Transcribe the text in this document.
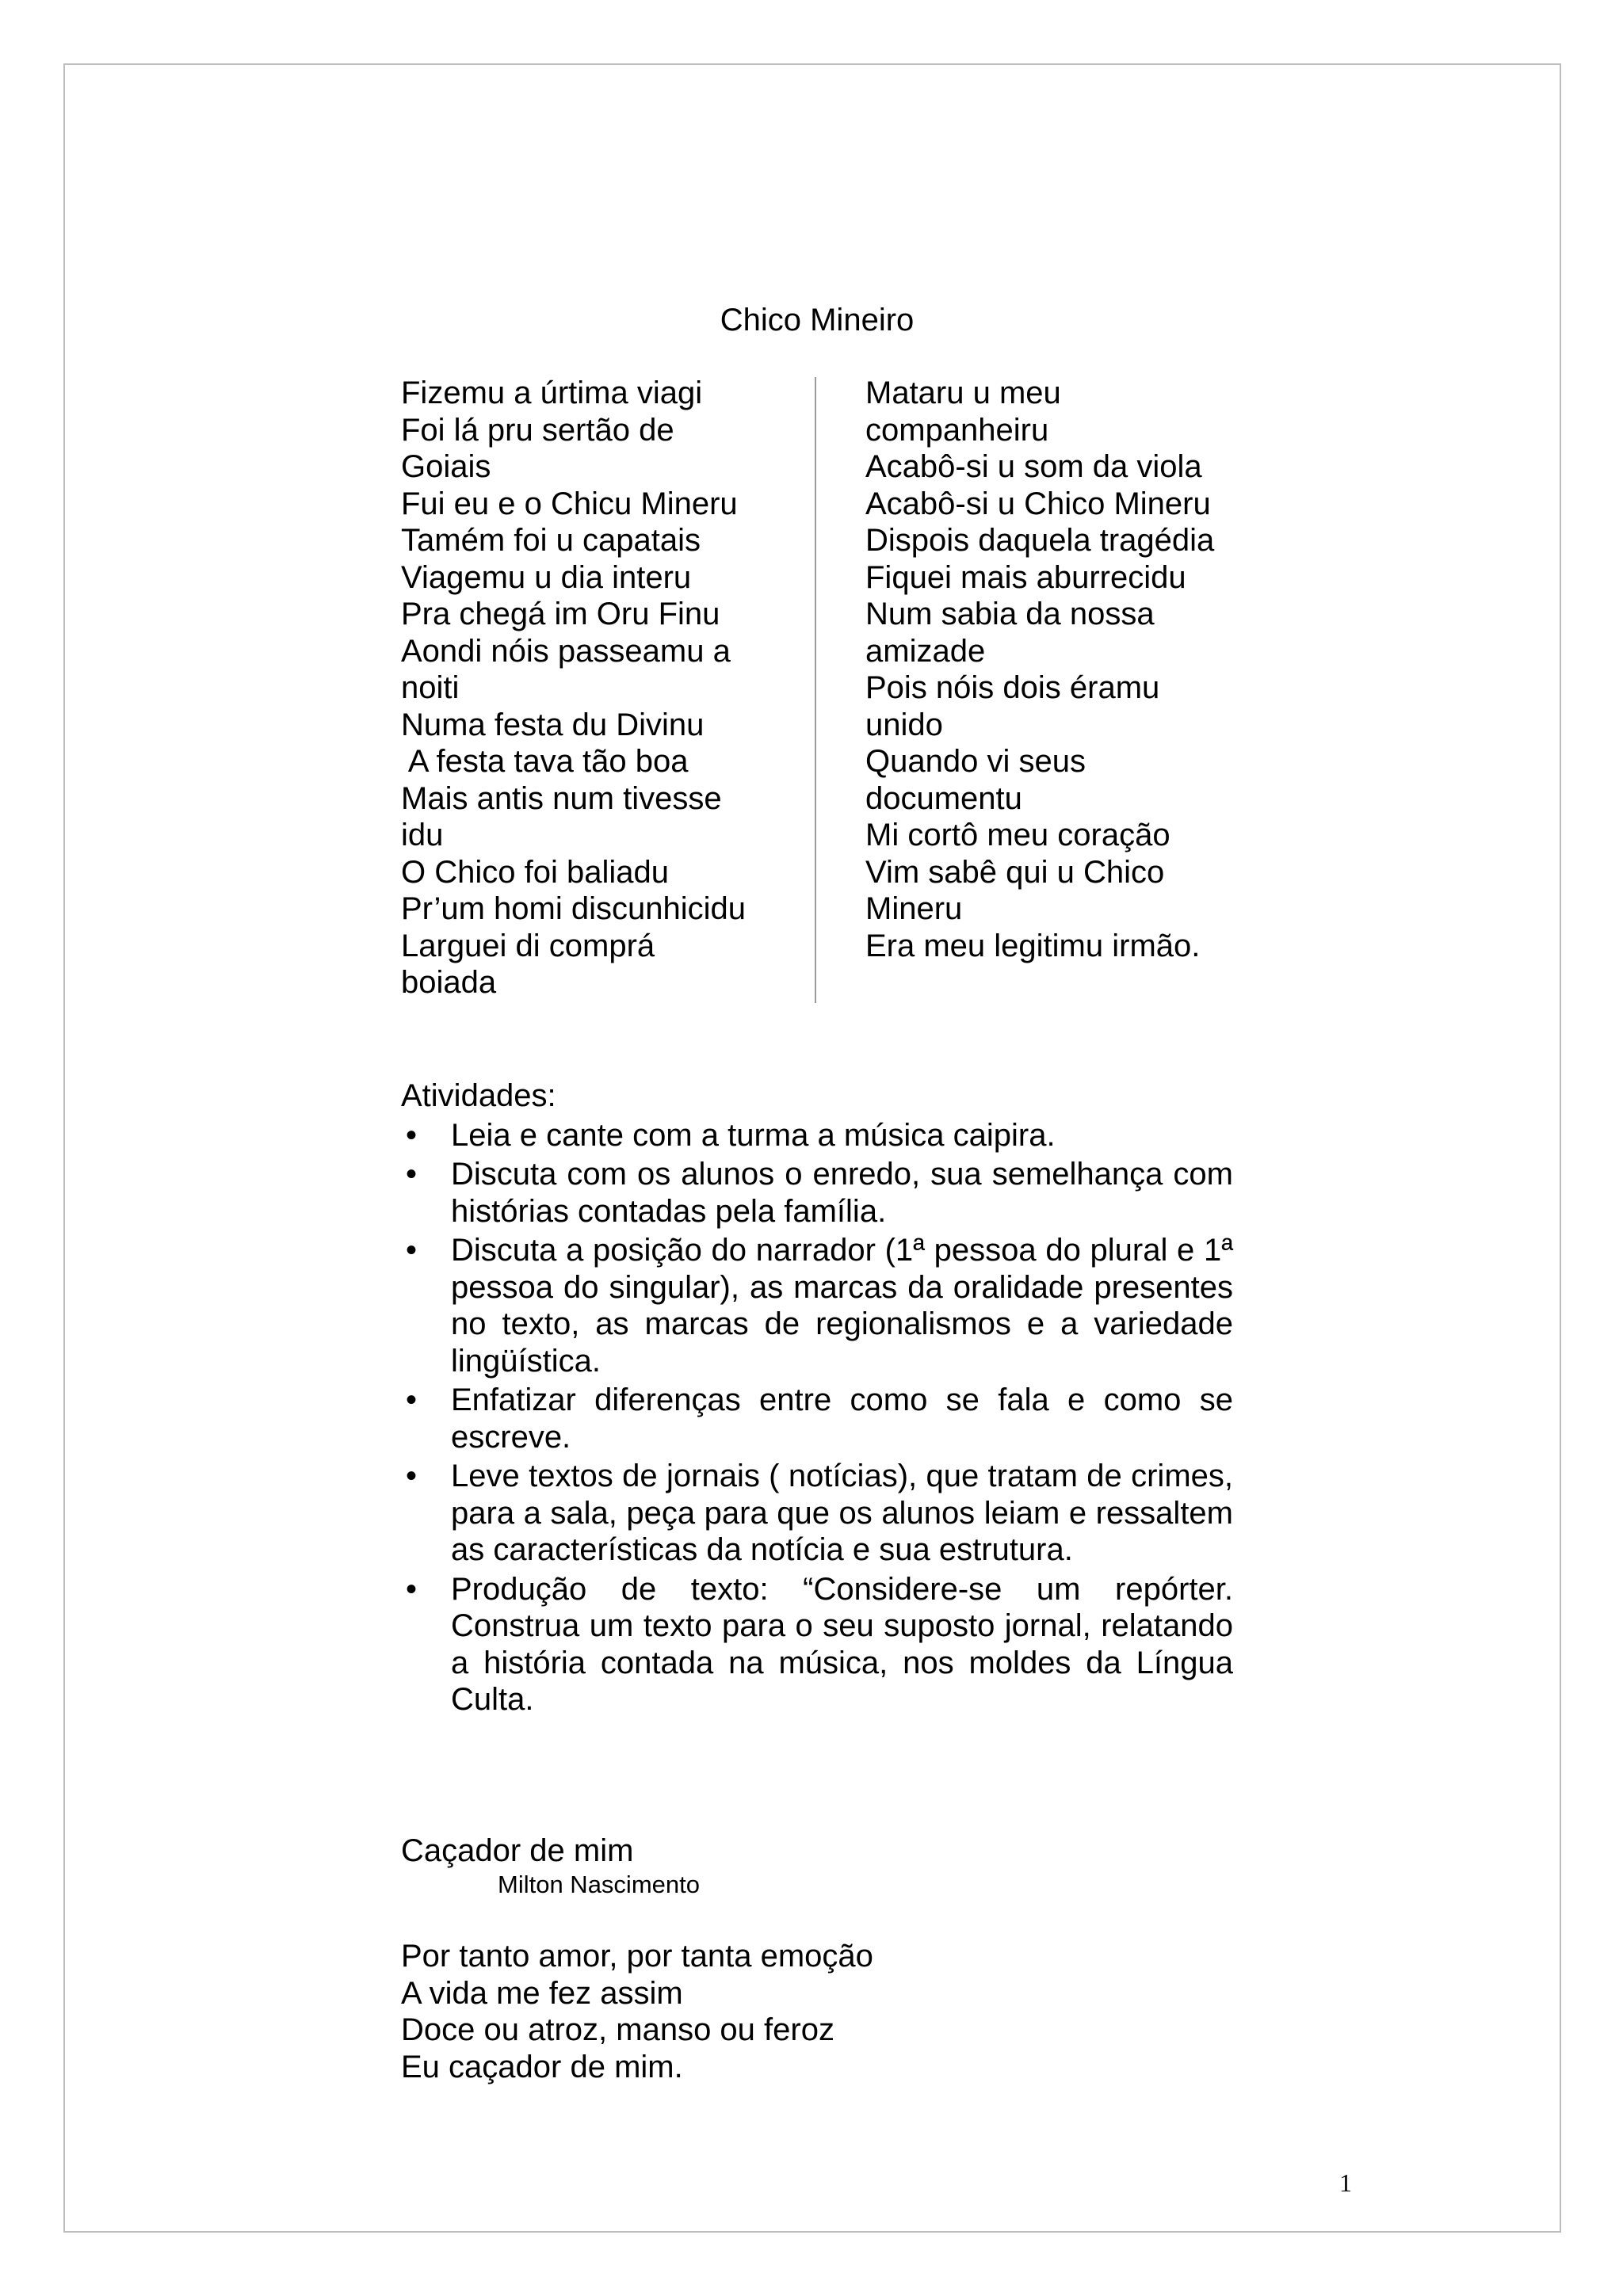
Chico Mineiro
Fizemu a úrtima viagi
Foi lá pru sertão de
Goiais
Fui eu e o Chicu Mineru
Tamém foi u capatais
Viagemu u dia interu
Pra chegá im Oru Finu
Aondi nóis passeamu a
noiti
Numa festa du Divinu
A festa tava tão boa
Mais antis num tivesse
idu
O Chico foi baliadu
Pr’um homi discunhicidu
Larguei di comprá
boiada
Mataru u meu
companheiru
Acabô-si u som da viola
Acabô-si u Chico Mineru
Dispois daquela tragédia
Fiquei mais aburrecidu
Num sabia da nossa
amizade
Pois nóis dois éramu
unido
Quando vi seus
documentu
Mi cortô meu coração
Vim sabê qui u Chico
Mineru
Era meu legitimu irmão.
Atividades:
• Leia e cante com a turma a música caipira.
• Discuta com os alunos o enredo, sua semelhança com histórias contadas pela família.
• Discuta a posição do narrador (1ª pessoa do plural e 1ª pessoa do singular), as marcas da oralidade presentes no texto, as marcas de regionalismos e a variedade lingüística.
• Enfatizar diferenças entre como se fala e como se escreve.
• Leve textos de jornais ( notícias), que tratam de crimes, para a sala, peça para que os alunos leiam e ressaltem as características da notícia e sua estrutura.
• Produção de texto: “Considere-se um repórter. Construa um texto para o seu suposto jornal, relatando a história contada na música, nos moldes da Língua Culta.
Caçador de mim
Milton Nascimento
Por tanto amor, por tanta emoção
A vida me fez assim
Doce ou atroz, manso ou feroz
Eu caçador de mim.
1
